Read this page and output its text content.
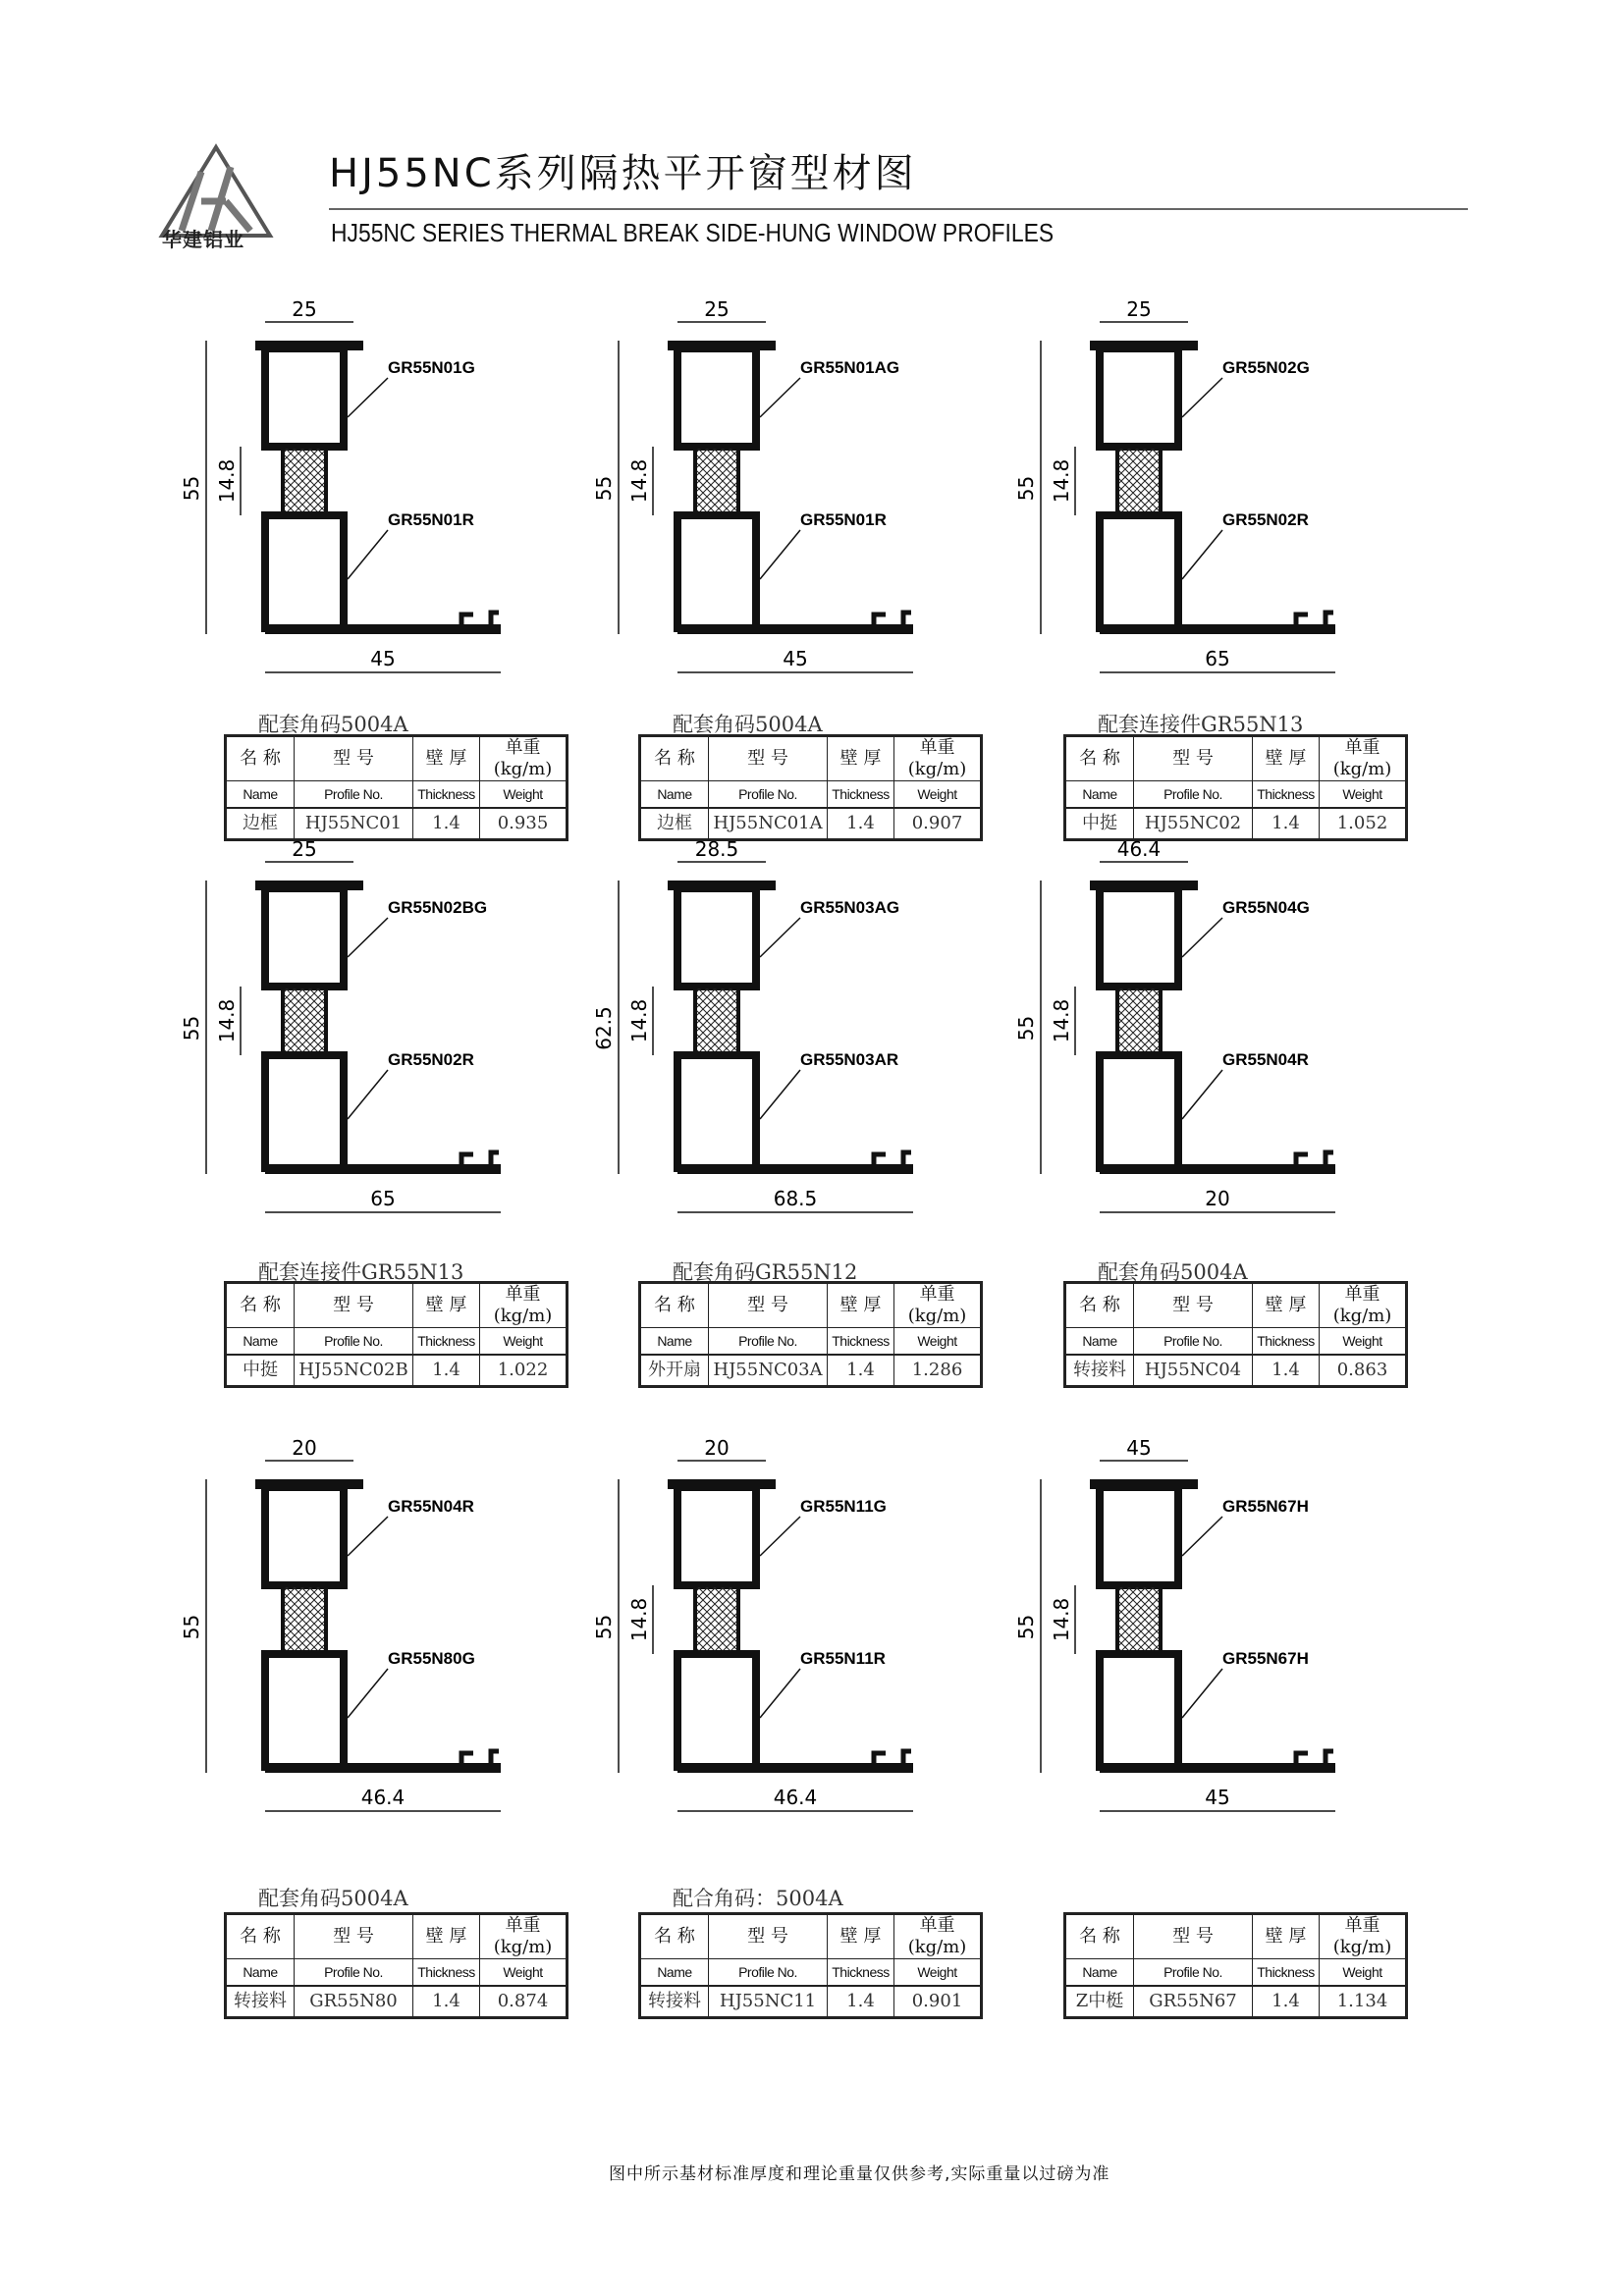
华建铝业
HJ55NC系列隔热平开窗型材图
HJ55NC SERIES THERMAL BREAK SIDE-HUNG WINDOW PROFILES
25
55 14.8
45
GR55N01G
GR55N01R
配套角码5004A
名 称	型 号	壁 厚	单重(kg/m)
Name	Profile No.	Thickness	Weight
边框	HJ55NC01	1.4	0.935
25
55 14.8
45
GR55N01AG
GR55N01R
配套角码5004A
名 称	型 号	壁 厚	单重(kg/m)
Name	Profile No.	Thickness	Weight
边框	HJ55NC01A	1.4	0.907
25
55 14.8
65
GR55N02G
GR55N02R
配套连接件GR55N13
名 称	型 号	壁 厚	单重(kg/m)
Name	Profile No.	Thickness	Weight
中挺	HJ55NC02	1.4	1.052
25
55 14.8
65
GR55N02BG
GR55N02R
配套连接件GR55N13
名 称	型 号	壁 厚	单重(kg/m)
Name	Profile No.	Thickness	Weight
中挺	HJ55NC02B	1.4	1.022
28.5
62.5 14.8
68.5
GR55N03AG
GR55N03AR
配套角码GR55N12
名 称	型 号	壁 厚	单重(kg/m)
Name	Profile No.	Thickness	Weight
外开扇	HJ55NC03A	1.4	1.286
46.4
55 14.8
20
GR55N04G
GR55N04R
配套角码5004A
名 称	型 号	壁 厚	单重(kg/m)
Name	Profile No.	Thickness	Weight
转接料	HJ55NC04	1.4	0.863
20
55
46.4
GR55N04R
GR55N80G
配套角码5004A
名 称	型 号	壁 厚	单重(kg/m)
Name	Profile No.	Thickness	Weight
转接料	GR55N80	1.4	0.874
20
55 14.8
46.4
GR55N11G
GR55N11R
配合角码：5004A
名 称	型 号	壁 厚	单重(kg/m)
Name	Profile No.	Thickness	Weight
转接料	HJ55NC11	1.4	0.901
45
55 14.8
45
GR55N67H
GR55N67H
名 称	型 号	壁 厚	单重(kg/m)
Name	Profile No.	Thickness	Weight
Z中梃	GR55N67	1.4	1.134
图中所示基材标准厚度和理论重量仅供参考,实际重量以过磅为准
